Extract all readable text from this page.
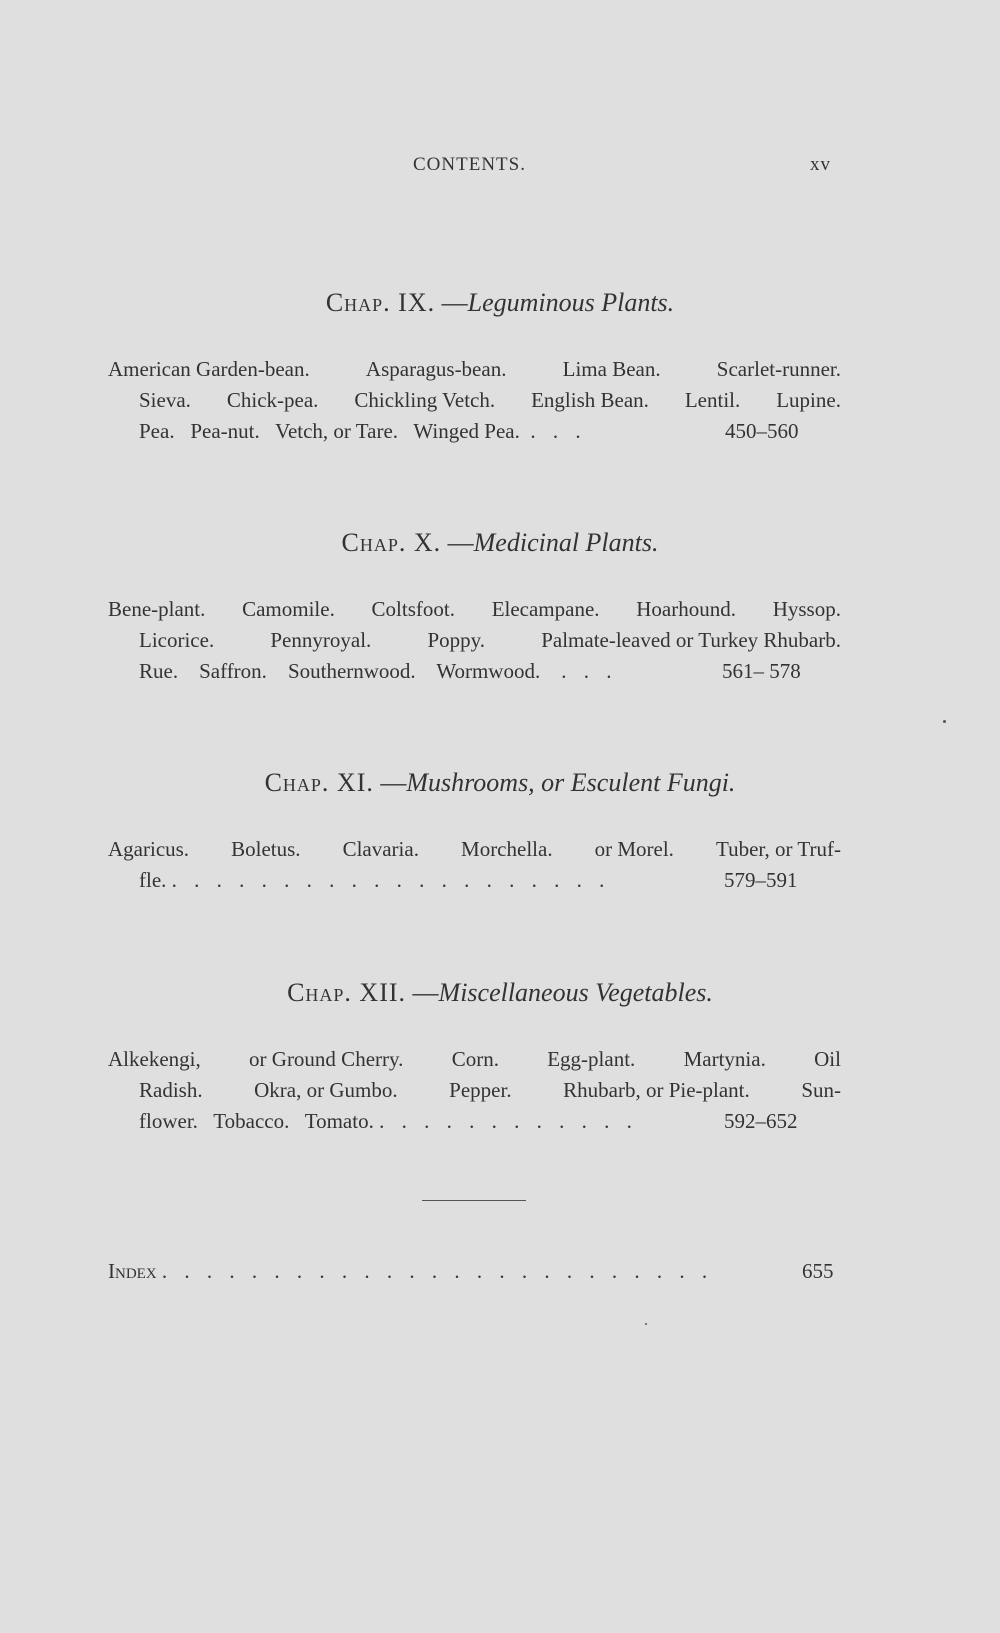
CONTENTS.	xv
Chap. IX. —Leguminous Plants.
American Garden-bean.	Asparagus-bean.	Lima Bean.	Scarlet-runner.
Sieva. Chick-pea. Chickling Vetch. English Bean. Lentil. Lupine.
Pea. Pea-nut. Vetch, or Tare. Winged Pea. . . .	450–560
Chap. X. —Medicinal Plants.
Bene-plant. Camomile. Coltsfoot. Elecampane. Hoarhound. Hyssop.
Licorice.	Pennyroyal.	Poppy.	Palmate-leaved or Turkey Rhubarb.
Rue. Saffron. Southernwood. Wormwood. . . .	561– 578
Chap. XI. —Mushrooms, or Esculent Fungi.
Agaricus. Boletus. Clavaria. Morchella. or Morel. Tuber, or Truf-
fle. . . . . . . . . . . . . . . . . . . . .	579–591
Chap. XII. —Miscellaneous Vegetables.
Alkekengi, or Ground Cherry. Corn. Egg-plant. Martynia. Oil
Radish. Okra, or Gumbo. Pepper. Rhubarb, or Pie-plant. Sun-
flower. Tobacco. Tomato. . . . . . . . . . . . .	592–652
Index . . . . . . . . . . . . . . . . . . . . . . . . .	655
